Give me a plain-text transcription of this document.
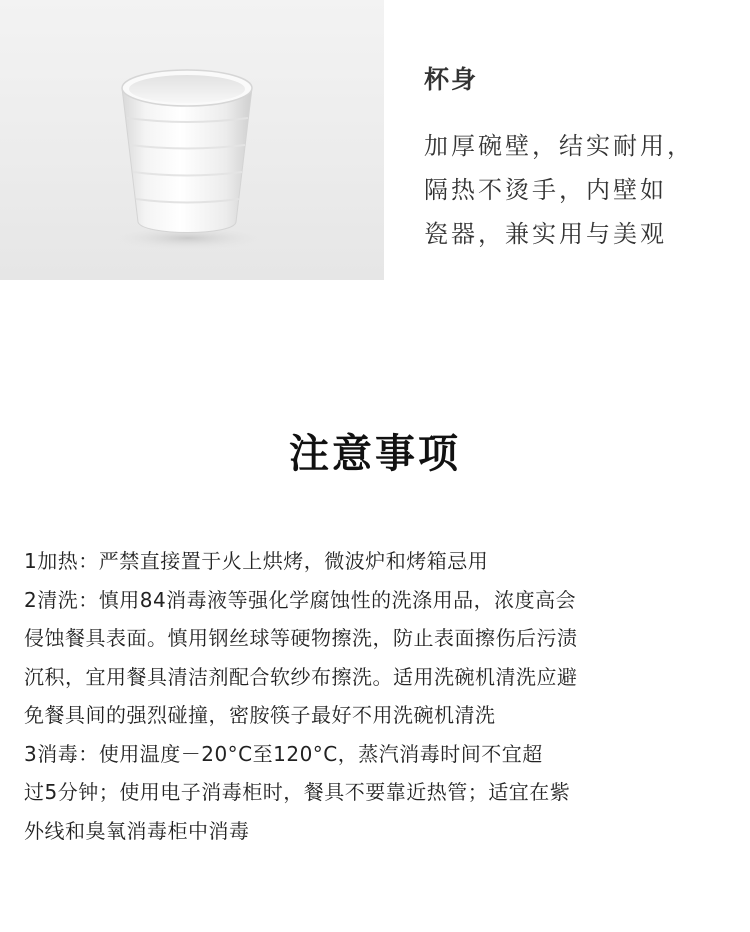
杯身
加厚碗壁，结实耐用，
隔热不烫手，内壁如
瓷器，兼实用与美观
注意事项
1加热：严禁直接置于火上烘烤，微波炉和烤箱忌用
2清洗：慎用84消毒液等强化学腐蚀性的洗涤用品，浓度高会
侵蚀餐具表面。慎用钢丝球等硬物擦洗，防止表面擦伤后污渍
沉积，宜用餐具清洁剂配合软纱布擦洗。适用洗碗机清洗应避
免餐具间的强烈碰撞，密胺筷子最好不用洗碗机清洗
3消毒：使用温度－20°C至120°C，蒸汽消毒时间不宜超
过5分钟；使用电子消毒柜时，餐具不要靠近热管；适宜在紫
外线和臭氧消毒柜中消毒
